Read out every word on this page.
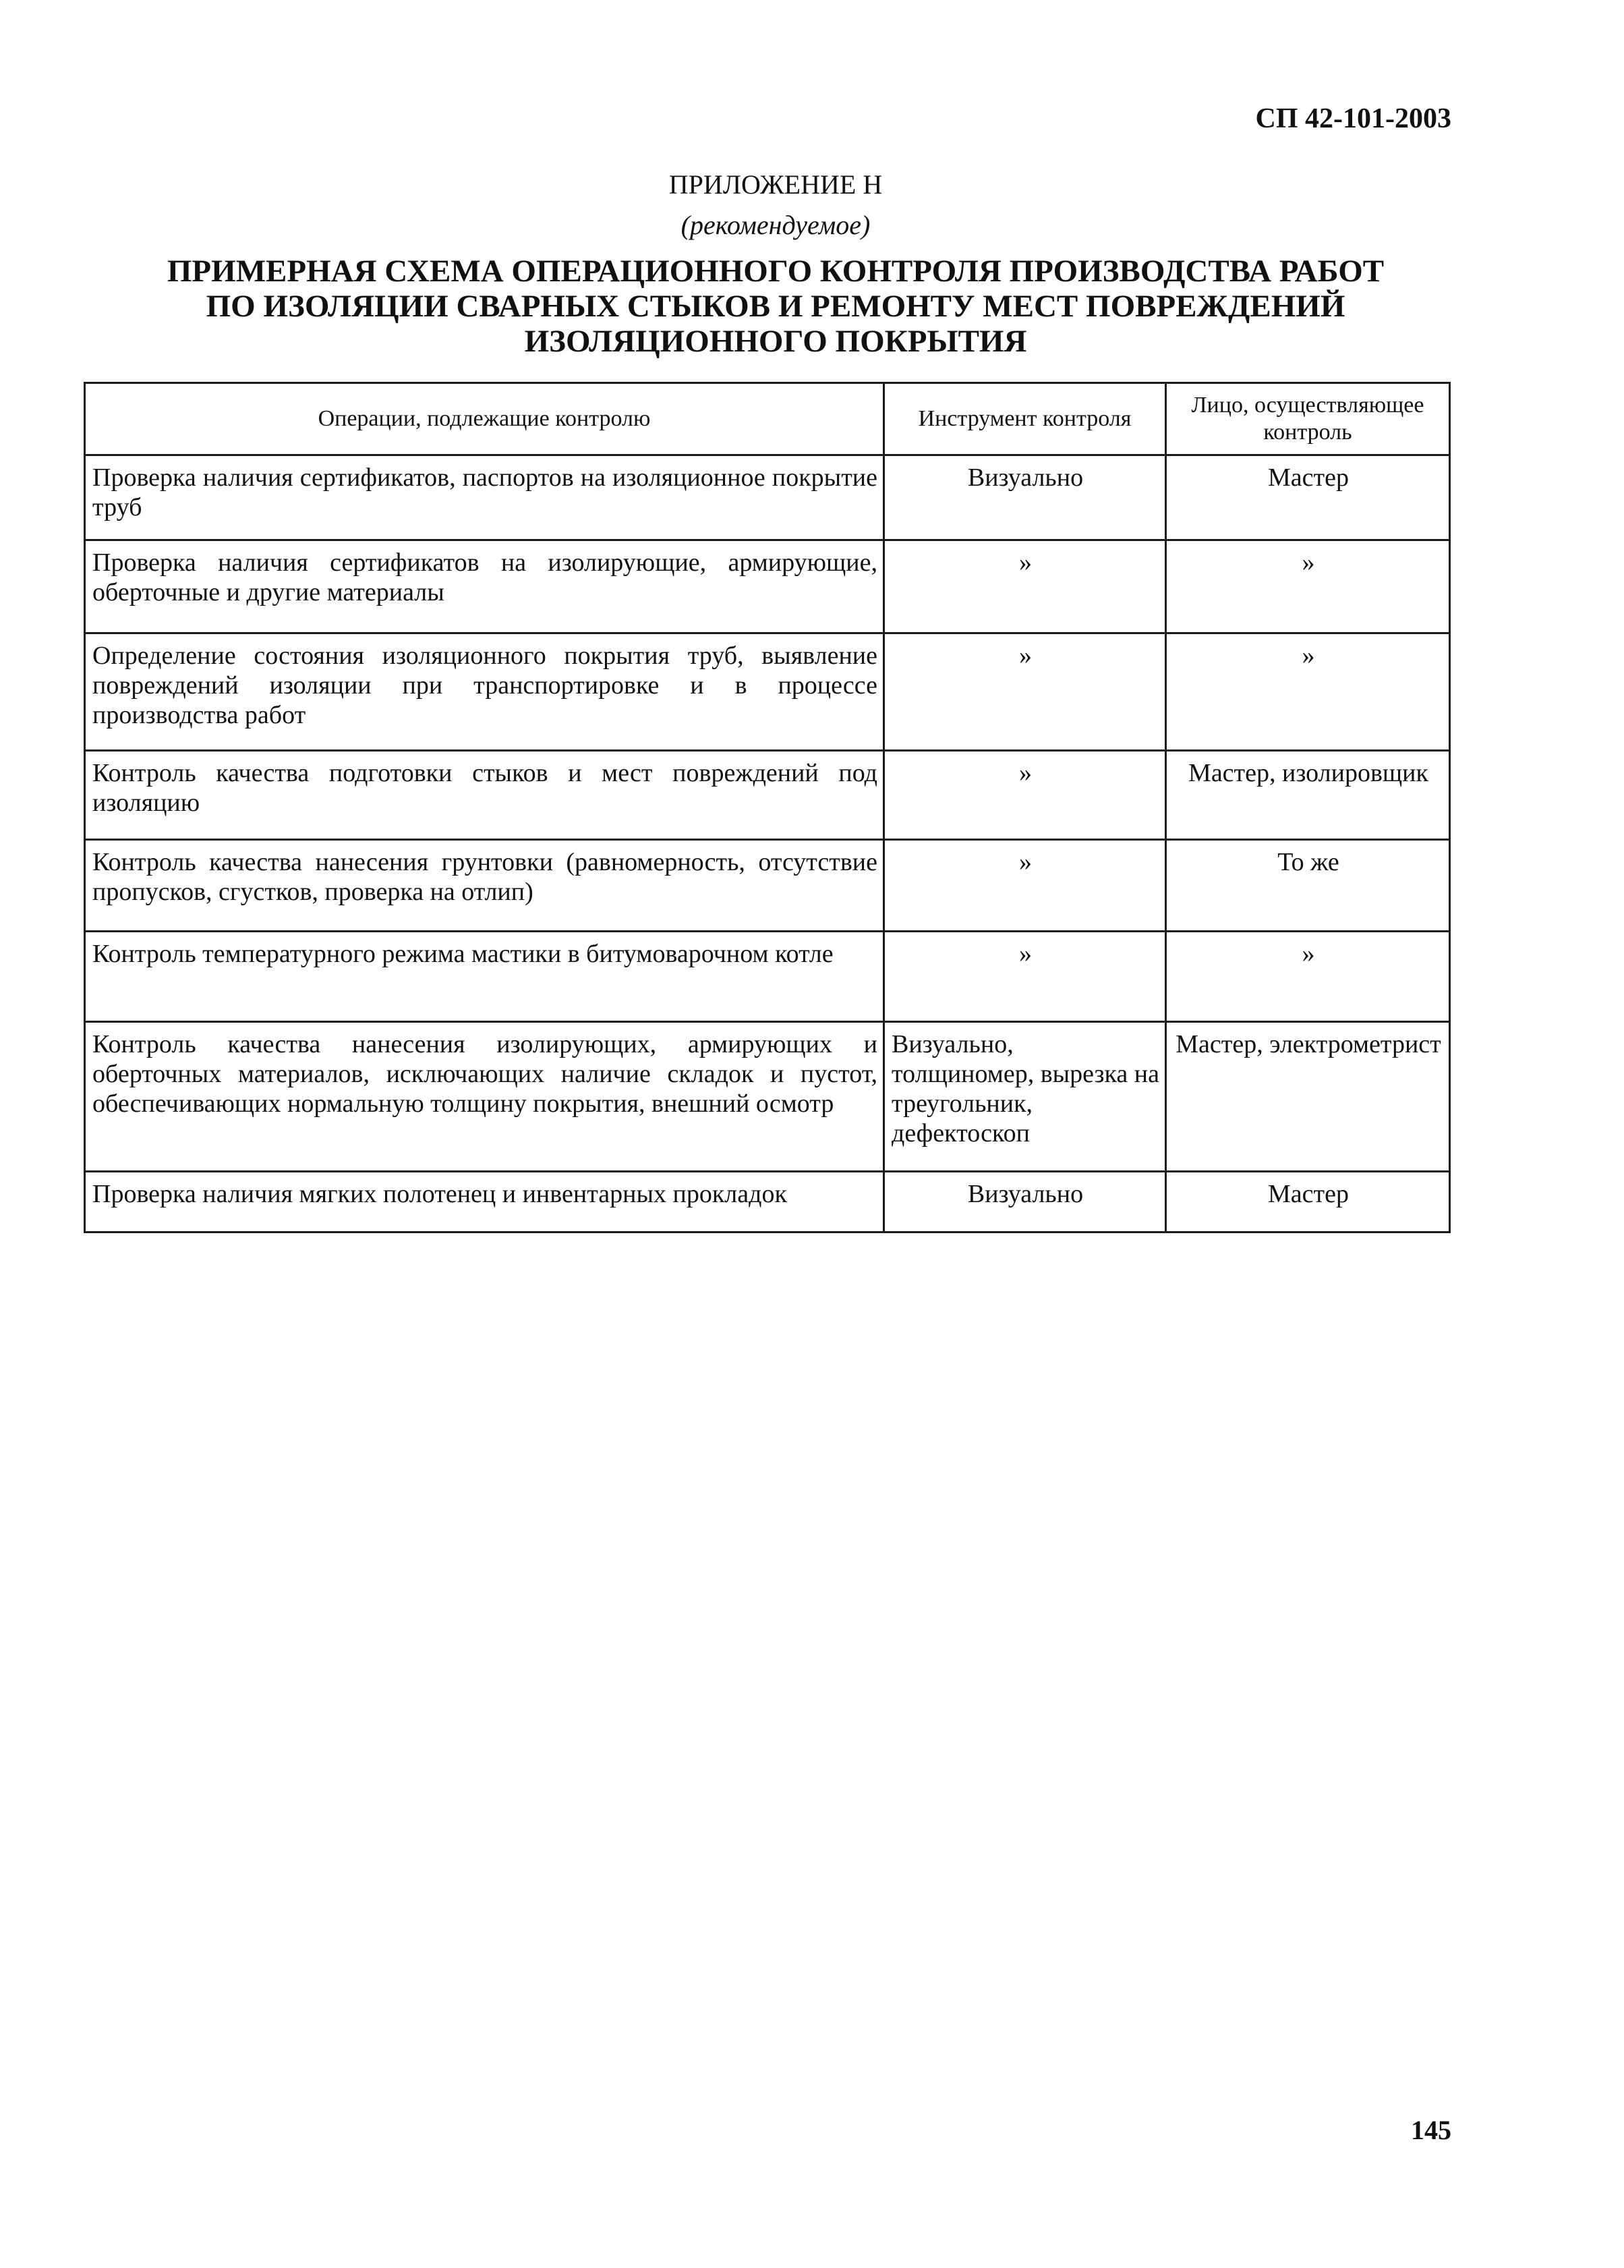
СП 42-101-2003
ПРИЛОЖЕНИЕ Н
(рекомендуемое)
ПРИМЕРНАЯ СХЕМА ОПЕРАЦИОННОГО КОНТРОЛЯ ПРОИЗВОДСТВА РАБОТ
ПО ИЗОЛЯЦИИ СВАРНЫХ СТЫКОВ И РЕМОНТУ МЕСТ ПОВРЕЖДЕНИЙ
ИЗОЛЯЦИОННОГО ПОКРЫТИЯ
Операции, подлежащие контролю	Инструмент контроля	Лицо, осуществляющее контроль
Проверка наличия сертификатов, паспортов на изоляционное покрытие труб	Визуально	Мастер
Проверка наличия сертификатов на изолирующие, армирующие, оберточные и другие материалы	»	»
Определение состояния изоляционного покрытия труб, выявление повреждений изоляции при транспортировке и в процессе производства работ	»	»
Контроль качества подготовки стыков и мест повреждений под изоляцию	»	Мастер, изолировщик
Контроль качества нанесения грунтовки (равномерность, отсутствие пропусков, сгустков, проверка на отлип)	»	То же
Контроль температурного режима мастики в битумоварочном котле	»	»
Контроль качества нанесения изолирующих, армирующих и оберточных материалов, исключающих наличие складок и пустот, обеспечивающих нормальную толщину покрытия, внешний осмотр	Визуально, толщиномер, вырезка на треугольник, дефектоскоп	Мастер, электрометрист
Проверка наличия мягких полотенец и инвентарных прокладок	Визуально	Мастер
145
